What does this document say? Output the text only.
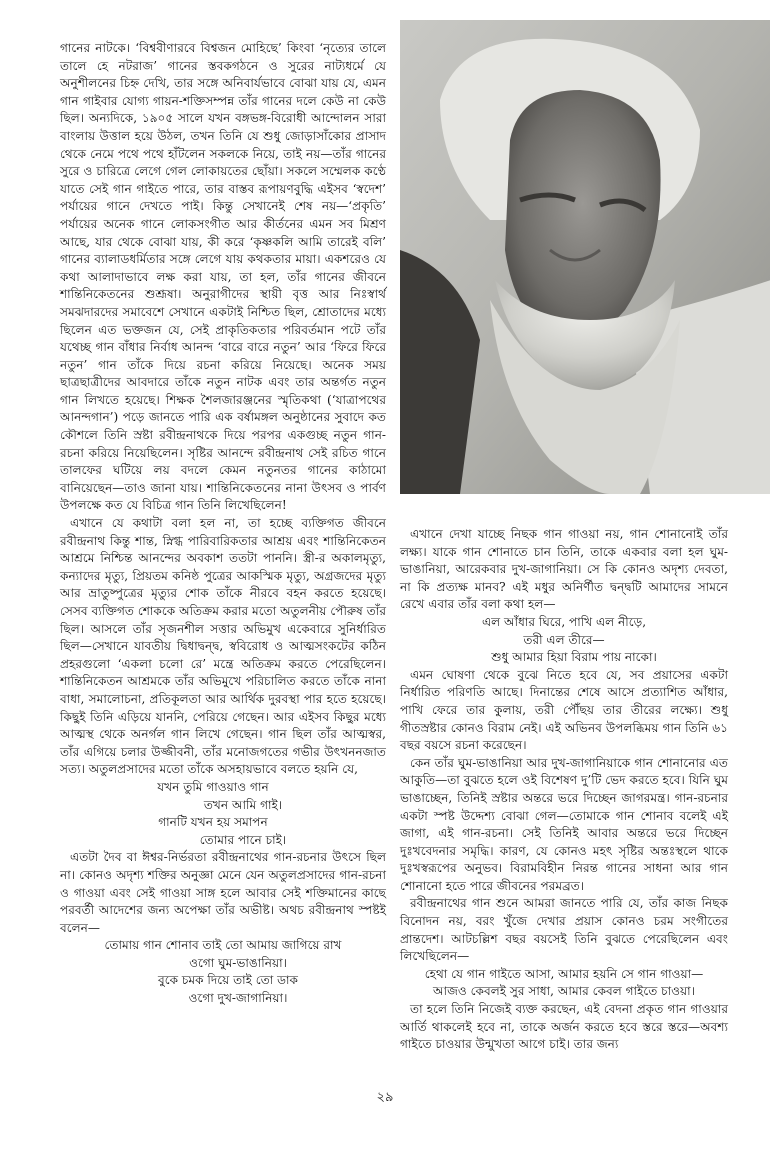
গানের নাটকে। ‘বিশ্ববীণারবে বিশ্বজন মোহিছে’ কিংবা ‘নৃত্যের তালে তালে হে নটরাজ’ গানের স্তবকগঠনে ও সুরের নাট্যধর্মে যে অনুশীলনের চিহ্ন দেখি, তার সঙ্গে অনিবার্যভাবে বোঝা যায় যে, এমন গান গাইবার যোগ্য গায়ন-শক্তিসম্পন্ন তাঁর গানের দলে কেউ না কেউ ছিল। অন্যদিকে, ১৯০৫ সালে যখন বঙ্গভঙ্গ-বিরোধী আন্দোলন সারা বাংলায় উত্তাল হয়ে উঠল, তখন তিনি যে শুধু জোড়াসাঁকোর প্রাসাদ থেকে নেমে পথে পথে হাঁটলেন সকলকে নিয়ে, তাই নয়—তাঁর গানের সুরে ও চারিত্রে লেগে গেল লোকায়তের ছোঁয়া। সকলে সম্মেলক কণ্ঠে যাতে সেই গান গাইতে পারে, তার বাস্তব রূপায়ণবুদ্ধি এইসব ‘স্বদেশ’ পর্যায়ের গানে দেখতে পাই। কিন্তু সেখানেই শেষ নয়—‘প্রকৃতি’ পর্যায়ের অনেক গানে লোকসংগীত আর কীর্তনের এমন সব মিশ্রণ আছে, যার থেকে বোঝা যায়, কী করে ‘কৃষ্ণকলি আমি তারেই বলি’ গানের ব্যালাডধর্মিতার সঙ্গে লেগে যায় কথকতার মায়া। একশরেও যে কথা আলাদাভাবে লক্ষ করা যায়, তা হল, তাঁর গানের জীবনে শান্তিনিকেতনের শুশ্রূষা। অনুরাগীদের স্থায়ী বৃত্ত আর নিঃস্বার্থ সমঝদারদের সমাবেশে সেখানে একটাই নিশ্চিত ছিল, শ্রোতাদের মধ্যে ছিলেন এত ভক্তজন যে, সেই প্রাকৃতিকতার পরিবর্তমান পটে তাঁর যথেচ্ছ গান বাঁধার নির্বাধ আনন্দ ‘বারে বারে নতুন’ আর ‘ফিরে ফিরে নতুন’ গান তাঁকে দিয়ে রচনা করিয়ে নিয়েছে। অনেক সময় ছাত্রছাত্রীদের আবদারে তাঁকে নতুন নাটক এবং তার অন্তর্গত নতুন গান লিখতে হয়েছে। শিক্ষক শৈলজারঞ্জনের স্মৃতিকথা (‘যাত্রাপথের আনন্দগান’) পড়ে জানতে পারি এক বর্ষামঙ্গল অনুষ্ঠানের সুবাদে কত কৌশলে তিনি স্রষ্টা রবীন্দ্রনাথকে দিয়ে পরপর একগুচ্ছ নতুন গান-রচনা করিয়ে নিয়েছিলেন। সৃষ্টির আনন্দে রবীন্দ্রনাথ সেই রচিত গানে তালফের ঘটিয়ে লয় বদলে কেমন নতুনতর গানের কাঠামো বানিয়েছেন—তাও জানা যায়। শান্তিনিকেতনের নানা উৎসব ও পার্বণ উপলক্ষে কত যে বিচিত্র গান তিনি লিখেছিলেন!

এখানে যে কথাটা বলা হল না, তা হচ্ছে ব্যক্তিগত জীবনে রবীন্দ্রনাথ কিন্তু শান্ত, স্নিগ্ধ পারিবারিকতার আশ্রয় এবং শান্তিনিকেতন আশ্রমে নিশ্চিন্ত আনন্দের অবকাশ ততটা পাননি। স্ত্রী-র অকালমৃত্যু, কন্যাদের মৃত্যু, প্রিয়তম কনিষ্ঠ পুত্রের আকস্মিক মৃত্যু, অগ্রজদের মৃত্যু আর ভ্রাতুষ্পুত্রের মৃত্যুর শোক তাঁকে নীরবে বহন করতে হয়েছে। সেসব ব্যক্তিগত শোককে অতিক্রম করার মতো অতুলনীয় পৌরুষ তাঁর ছিল। আসলে তাঁর সৃজনশীল সত্তার অভিমুখ একেবারে সুনির্ধারিত ছিল—সেখানে যাবতীয় দ্বিধাদ্বন্দ্ব, স্ববিরোধ ও আত্মসংকটের কঠিন প্রহরগুলো ‘একলা চলো রে’ মন্ত্রে অতিক্রম করতে পেরেছিলেন। শান্তিনিকেতন আশ্রমকে তাঁর অভিমুখে পরিচালিত করতে তাঁকে নানা বাধা, সমালোচনা, প্রতিকূলতা আর আর্থিক দুরবস্থা পার হতে হয়েছে। কিছুই তিনি এড়িয়ে যাননি, পেরিয়ে গেছেন। আর এইসব কিছুর মধ্যে আত্মস্থ থেকে অনর্গল গান লিখে গেছেন। গান ছিল তাঁর আত্মস্বর, তাঁর এগিয়ে চলার উজ্জীবনী, তাঁর মনোজগতের গভীর উৎখননজাত সত্য। অতুলপ্রসাদের মতো তাঁকে অসহায়ভাবে বলতে হয়নি যে,

যখন তুমি গাওয়াও গান
তখন আমি গাই।
গানটি যখন হয় সমাপন
তোমার পানে চাই।

এতটা দৈব বা ঈশ্বর-নির্ভরতা রবীন্দ্রনাথের গান-রচনার উৎসে ছিল না। কোনও অদৃশ্য শক্তির অনুজ্ঞা মেনে যেন অতুলপ্রসাদের গান-রচনা ও গাওয়া এবং সেই গাওয়া সাঙ্গ হলে আবার সেই শক্তিমানের কাছে পরবর্তী আদেশের জন্য অপেক্ষা তাঁর অভীষ্ট। অথচ রবীন্দ্রনাথ স্পষ্টই বলেন—

তোমায় গান শোনাব তাই তো আমায় জাগিয়ে রাখ
ওগো ঘুম-ভাঙানিয়া।
বুকে চমক দিয়ে তাই তো ডাক
ওগো দুখ-জাগানিয়া।

এখানে দেখা যাচ্ছে নিছক গান গাওয়া নয়, গান শোনানোই তাঁর লক্ষ্য। যাকে গান শোনাতে চান তিনি, তাকে একবার বলা হল ঘুম-ভাঙানিয়া, আরেকবার দুখ-জাগানিয়া। সে কি কোনও অদৃশ্য দেবতা, না কি প্রত্যক্ষ মানব? এই মধুর অনির্ণীত দ্বন্দ্বটি আমাদের সামনে রেখে এবার তাঁর বলা কথা হল—

এল আঁধার ঘিরে, পাখি এল নীড়ে,
তরী এল তীরে—
শুধু আমার হিয়া বিরাম পায় নাকো।

এমন ঘোষণা থেকে বুঝে নিতে হবে যে, সব প্রয়াসের একটা নির্ধারিত পরিণতি আছে। দিনান্তের শেষে আসে প্রত্যাশিত আঁধার, পাখি ফেরে তার কুলায়, তরী পৌঁছয় তার তীরের লক্ষ্যে। শুধু গীতস্রষ্টার কোনও বিরাম নেই। এই অভিনব উপলব্ধিময় গান তিনি ৬১ বছর বয়সে রচনা করেছেন।

কেন তাঁর ঘুম-ভাঙানিয়া আর দুখ-জাগানিয়াকে গান শোনানোর এত আকুতি—তা বুঝতে হলে ওই বিশেষণ দু’টি ভেদ করতে হবে। যিনি ঘুম ভাঙাচ্ছেন, তিনিই স্রষ্টার অন্তরে ভরে দিচ্ছেন জাগরমন্ত্র। গান-রচনার একটা স্পষ্ট উদ্দেশ্য বোঝা গেল—তোমাকে গান শোনাব বলেই এই জাগা, এই গান-রচনা। সেই তিনিই আবার অন্তরে ভরে দিচ্ছেন দুঃখবেদনার সমৃদ্ধি। কারণ, যে কোনও মহৎ সৃষ্টির অন্তঃস্থলে থাকে দুঃখস্বরূপের অনুভব। বিরামবিহীন নিরন্ত গানের সাধনা আর গান শোনানো হতে পারে জীবনের পরমব্রত।

রবীন্দ্রনাথের গান শুনে আমরা জানতে পারি যে, তাঁর কাজ নিছক বিনোদন নয়, বরং খুঁজে দেখার প্রয়াস কোনও চরম সংগীতের প্রান্তদেশ। আটচল্লিশ বছর বয়সেই তিনি বুঝতে পেরেছিলেন এবং লিখেছিলেন—

হেথা যে গান গাইতে আসা, আমার হয়নি সে গান গাওয়া—
আজও কেবলই সুর সাধা, আমার কেবল গাইতে চাওয়া।

তা হলে তিনি নিজেই ব্যক্ত করছেন, এই বেদনা প্রকৃত গান গাওয়ার আর্তি থাকলেই হবে না, তাকে অর্জন করতে হবে স্তরে স্তরে—অবশ্য গাইতে চাওয়ার উন্মুখতা আগে চাই। তার জন্য

২৯
